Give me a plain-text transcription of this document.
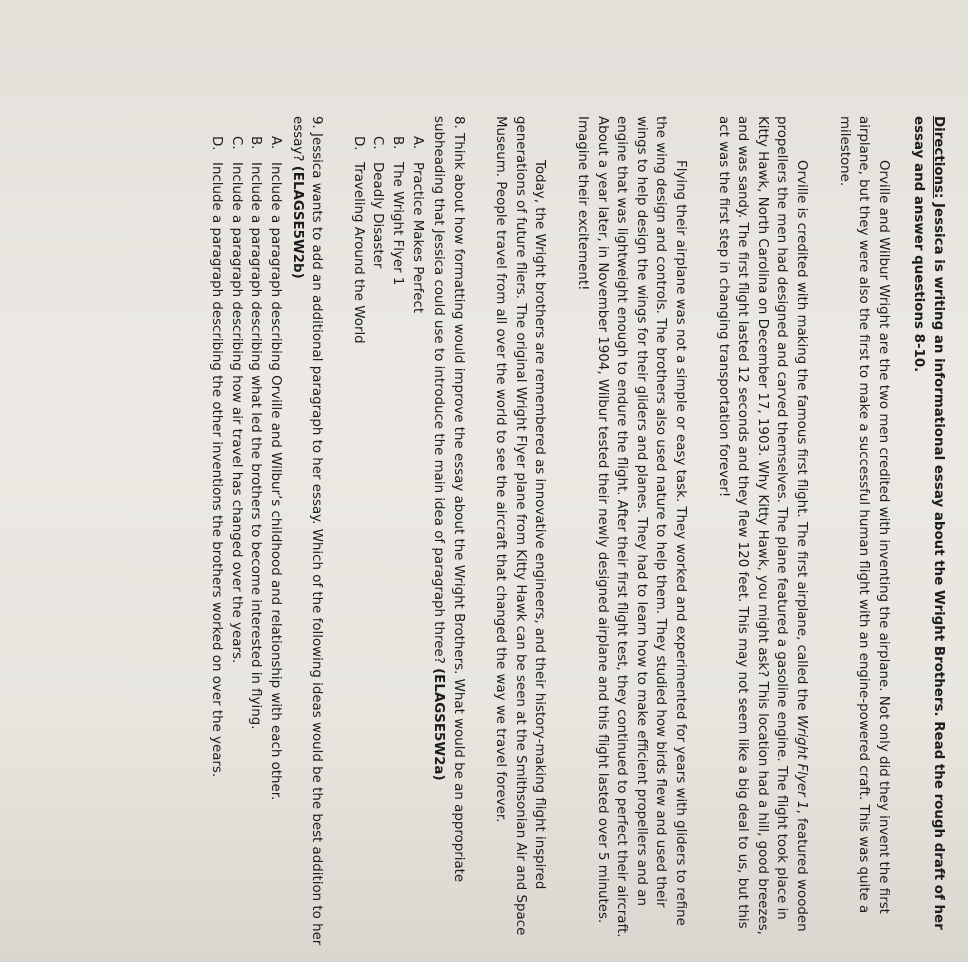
Directions: Jessica is writing an informational essay about the Wright Brothers. Read the rough draft of her essay and answer questions 8-10.

Orville and Wilbur Wright are the two men credited with inventing the airplane. Not only did they invent the first airplane, but they were also the first to make a successful human flight with an engine-powered craft. This was quite a milestone.

Orville is credited with making the famous first flight. The first airplane, called the Wright Flyer 1, featured wooden propellers the men had designed and carved themselves. The plane featured a gasoline engine. The flight took place in Kitty Hawk, North Carolina on December 17, 1903. Why Kitty Hawk, you might ask? This location had a hill, good breezes, and was sandy. The first flight lasted 12 seconds and they flew 120 feet. This may not seem like a big deal to us, but this act was the first step in changing transportation forever!

Flying their airplane was not a simple or easy task. They worked and experimented for years with gliders to refine the wing design and controls. The brothers also used nature to help them. They studied how birds flew and used their wings to help design the wings for their gliders and planes. They had to learn how to make efficient propellers and an engine that was lightweight enough to endure the flight. After their first flight test, they continued to perfect their aircraft. About a year later, in November 1904, Wilbur tested their newly designed airplane and this flight lasted over 5 minutes. Imagine their excitement!

Today, the Wright brothers are remembered as innovative engineers, and their history-making flight inspired generations of future fliers. The original Wright Flyer plane from Kitty Hawk can be seen at the Smithsonian Air and Space Museum. People travel from all over the world to see the aircraft that changed the way we travel forever.

8. Think about how formatting would improve the essay about the Wright Brothers. What would be an appropriate subheading that Jessica could use to introduce the main idea of paragraph three? (ELAGSE5W2a)

A.
Practice Makes Perfect
B.
The Wright Flyer 1
C.
Deadly Disaster
D.
Traveling Around the World

9. Jessica wants to add an additional paragraph to her essay. Which of the following ideas would be the best addition to her essay? (ELAGSE5W2b)

A.
Include a paragraph describing Orville and Wilbur’s childhood and relationship with each other.
B.
Include a paragraph describing what led the brothers to become interested in flying.
C.
Include a paragraph describing how air travel has changed over the years.
D.
Include a paragraph describing the other inventions the brothers worked on over the years.
